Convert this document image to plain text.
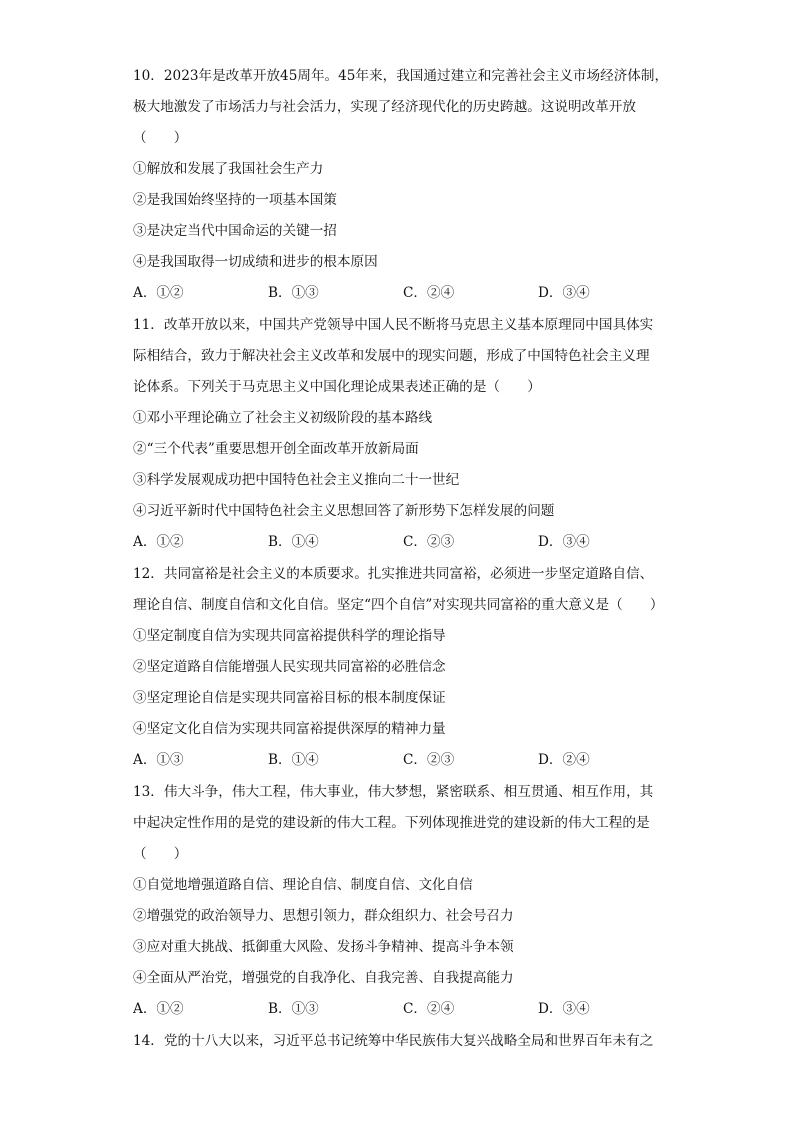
10．2023年是改革开放45周年。45年来，我国通过建立和完善社会主义市场经济体制，
极大地激发了市场活力与社会活力，实现了经济现代化的历史跨越。这说明改革开放
（　　）
①解放和发展了我国社会生产力
②是我国始终坚持的一项基本国策
③是决定当代中国命运的关键一招
④是我国取得一切成绩和进步的根本原因
A．①②	B．①③	C．②④	D．③④
11．改革开放以来，中国共产党领导中国人民不断将马克思主义基本原理同中国具体实
际相结合，致力于解决社会主义改革和发展中的现实问题，形成了中国特色社会主义理
论体系。下列关于马克思主义中国化理论成果表述正确的是（　　）
①邓小平理论确立了社会主义初级阶段的基本路线
②“三个代表”重要思想开创全面改革开放新局面
③科学发展观成功把中国特色社会主义推向二十一世纪
④习近平新时代中国特色社会主义思想回答了新形势下怎样发展的问题
A．①②	B．①④	C．②③	D．③④
12．共同富裕是社会主义的本质要求。扎实推进共同富裕，必须进一步坚定道路自信、
理论自信、制度自信和文化自信。坚定“四个自信”对实现共同富裕的重大意义是（　　）
①坚定制度自信为实现共同富裕提供科学的理论指导
②坚定道路自信能增强人民实现共同富裕的必胜信念
③坚定理论自信是实现共同富裕目标的根本制度保证
④坚定文化自信为实现共同富裕提供深厚的精神力量
A．①③	B．①④	C．②③	D．②④
13．伟大斗争，伟大工程，伟大事业，伟大梦想，紧密联系、相互贯通、相互作用，其
中起决定性作用的是党的建设新的伟大工程。下列体现推进党的建设新的伟大工程的是
（　　）
①自觉地增强道路自信、理论自信、制度自信、文化自信
②增强党的政治领导力、思想引领力，群众组织力、社会号召力
③应对重大挑战、抵御重大风险、发扬斗争精神、提高斗争本领
④全面从严治党，增强党的自我净化、自我完善、自我提高能力
A．①②	B．①③	C．②④	D．③④
14．党的十八大以来，习近平总书记统筹中华民族伟大复兴战略全局和世界百年未有之
